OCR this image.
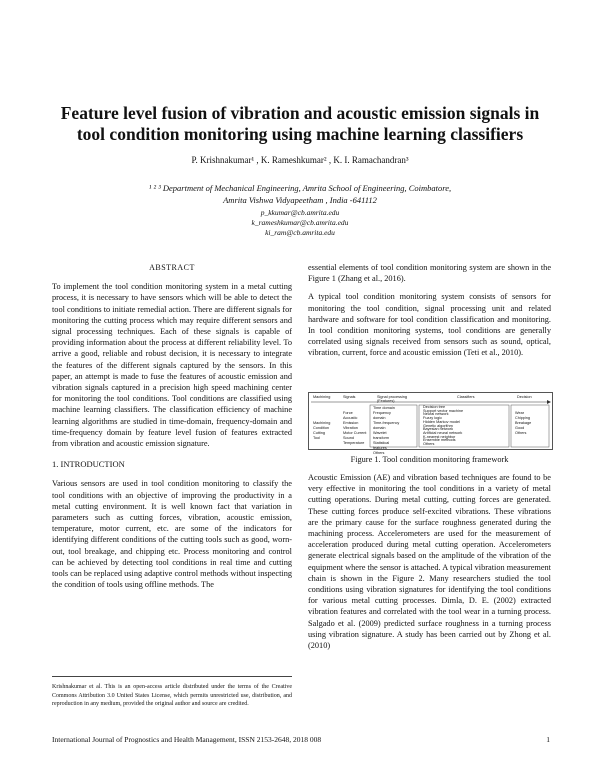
Feature level fusion of vibration and acoustic emission signals in tool condition monitoring using machine learning classifiers
P. Krishnakumar¹ , K. Rameshkumar² , K. I. Ramachandran³
¹ ² ³ Department of Mechanical Engineering, Amrita School of Engineering, Coimbatore,
Amrita Vishwa Vidyapeetham , India -641112
p_kkumar@cb.amrita.edu
k_rameshkumar@cb.amrita.edu
ki_ram@cb.amrita.edu
ABSTRACT

To implement the tool condition monitoring system in a metal cutting process, it is necessary to have sensors which will be able to detect the tool conditions to initiate remedial action. There are different signals for monitoring the cutting process which may require different sensors and signal processing techniques. Each of these signals is capable of providing information about the process at different reliability level. To arrive a good, reliable and robust decision, it is necessary to integrate the features of the different signals captured by the sensors. In this paper, an attempt is made to fuse the features of acoustic emission and vibration signals captured in a precision high speed machining center for monitoring the tool conditions. Tool conditions are classified using machine learning classifiers. The classification efficiency of machine learning algorithms are studied in time-domain, frequency-domain and time-frequency domain by feature level fusion of features extracted from vibration and acoustic emission signature.

1. INTRODUCTION

Various sensors are used in tool condition monitoring to classify the tool conditions with an objective of improving the productivity in a metal cutting environment. It is well known fact that variation in parameters such as cutting forces, vibration, acoustic emission, temperature, motor current, etc. are some of the indicators for identifying different conditions of the cutting tools such as good, worn-out, tool breakage, and chipping etc. Process monitoring and control can be achieved by detecting tool conditions in real time and cutting tools can be replaced using adaptive control methods without inspecting the condition of tools using offline methods. The

Krishnakumar et al. This is an open-access article distributed under the terms of the Creative Commons Attribution 3.0 United States License, which permits unrestricted use, distribution, and reproduction in any medium, provided the original author and source are credited.

essential elements of tool condition monitoring system are shown in the Figure 1 (Zhang et al., 2016).

A typical tool condition monitoring system consists of sensors for monitoring the tool condition, signal processing unit and related hardware and software for tool condition classification and monitoring. In tool condition monitoring systems, tool conditions are generally correlated using signals received from sensors such as sound, optical, vibration, current, force and acoustic emission (Teti et al., 2010).

Machining	Signals	Signal processing (Features)
Classifiers	Decision
Machining
Condition
Cutting
Tool
Force
Acoustic
Emission
Vibration
Motor Current
Sound
Temperature
Time domain
Frequency
domain
Time-frequency
domain
Wavelet
transform
Statistical
features
Others
Decision tree
Support vector machine
Neural network
Fuzzy logic
Hidden Markov model
Genetic algorithm
Bayesian network
Artificial neural network
K-nearest neighbor
Ensemble methods
Others
Wear
Chipping
Breakage
Good
Others
Figure 1. Tool condition monitoring framework

Acoustic Emission (AE) and vibration based techniques are found to be very effective in monitoring the tool conditions in a variety of metal cutting operations. During metal cutting, cutting forces are generated. These cutting forces produce self-excited vibrations. These vibrations are the primary cause for the surface roughness generated during the machining process. Accelerometers are used for the measurement of acceleration produced during metal cutting operation. Accelerometers generate electrical signals based on the amplitude of the vibration of the equipment where the sensor is attached. A typical vibration measurement chain is shown in the Figure 2. Many researchers studied the tool conditions using vibration signatures for identifying the tool conditions for various metal cutting processes. Dimla, D. E. (2002) extracted vibration features and correlated with the tool wear in a turning process. Salgado et al. (2009) predicted surface roughness in a turning process using vibration signature. A study has been carried out by Zhong et al. (2010)

International Journal of Prognostics and Health Management, ISSN 2153-2648, 2018 008	1
